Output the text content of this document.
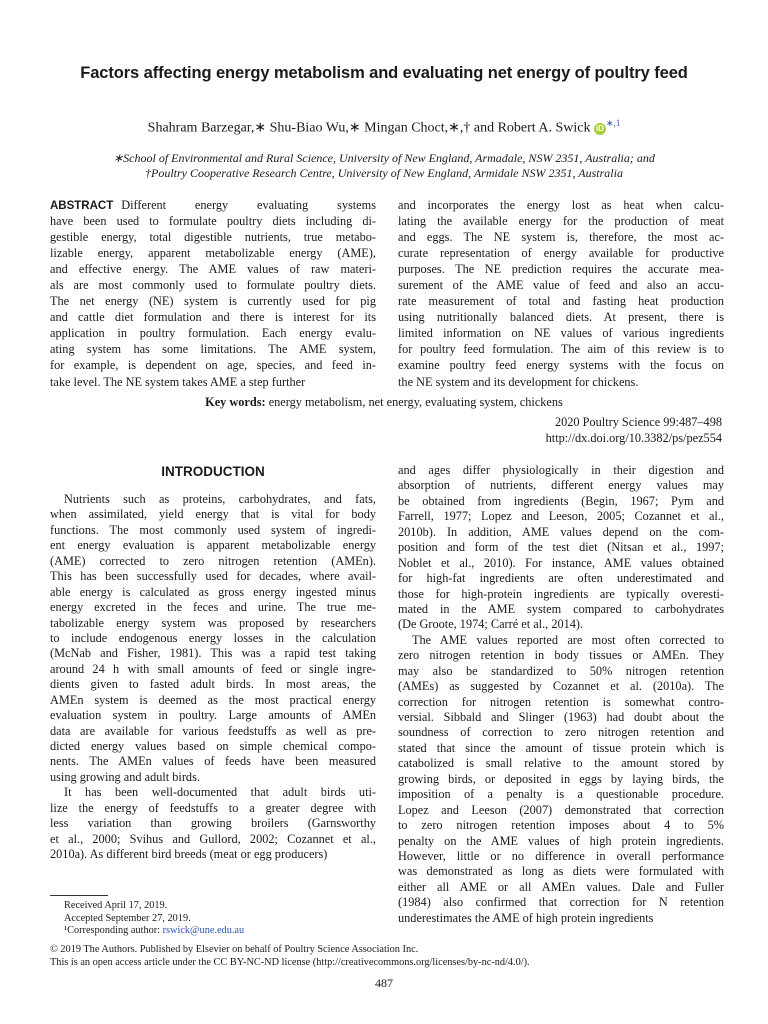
Factors affecting energy metabolism and evaluating net energy of poultry feed
Shahram Barzegar,∗ Shu-Biao Wu,∗ Mingan Choct,∗,† and Robert A. Swick $iD^{∗,1}$
∗School of Environmental and Rural Science, University of New England, Armadale, NSW 2351, Australia; and
†Poultry Cooperative Research Centre, University of New England, Armidale NSW 2351, Australia
ABSTRACT Different energy evaluating systems
have been used to formulate poultry diets including di-
gestible energy, total digestible nutrients, true metabo-
lizable energy, apparent metabolizable energy (AME),
and effective energy. The AME values of raw materi-
als are most commonly used to formulate poultry diets.
The net energy (NE) system is currently used for pig
and cattle diet formulation and there is interest for its
application in poultry formulation. Each energy evalu-
ating system has some limitations. The AME system,
for example, is dependent on age, species, and feed in-
take level. The NE system takes AME a step further
and incorporates the energy lost as heat when calcu-
lating the available energy for the production of meat
and eggs. The NE system is, therefore, the most ac-
curate representation of energy available for productive
purposes. The NE prediction requires the accurate mea-
surement of the AME value of feed and also an accu-
rate measurement of total and fasting heat production
using nutritionally balanced diets. At present, there is
limited information on NE values of various ingredients
for poultry feed formulation. The aim of this review is to
examine poultry feed energy systems with the focus on
the NE system and its development for chickens.
Key words: energy metabolism, net energy, evaluating system, chickens
2020 Poultry Science 99:487–498
http://dx.doi.org/10.3382/ps/pez554
INTRODUCTION
Nutrients such as proteins, carbohydrates, and fats,
when assimilated, yield energy that is vital for body
functions. The most commonly used system of ingredi-
ent energy evaluation is apparent metabolizable energy
(AME) corrected to zero nitrogen retention (AMEn).
This has been successfully used for decades, where avail-
able energy is calculated as gross energy ingested minus
energy excreted in the feces and urine. The true me-
tabolizable energy system was proposed by researchers
to include endogenous energy losses in the calculation
(McNab and Fisher, 1981). This was a rapid test taking
around 24 h with small amounts of feed or single ingre-
dients given to fasted adult birds. In most areas, the
AMEn system is deemed as the most practical energy
evaluation system in poultry. Large amounts of AMEn
data are available for various feedstuffs as well as pre-
dicted energy values based on simple chemical compo-
nents. The AMEn values of feeds have been measured
using growing and adult birds.
It has been well-documented that adult birds uti-
lize the energy of feedstuffs to a greater degree with
less variation than growing broilers (Garnsworthy
et al., 2000; Svihus and Gullord, 2002; Cozannet et al.,
2010a). As different bird breeds (meat or egg producers)
and ages differ physiologically in their digestion and
absorption of nutrients, different energy values may
be obtained from ingredients (Begin, 1967; Pym and
Farrell, 1977; Lopez and Leeson, 2005; Cozannet et al.,
2010b). In addition, AME values depend on the com-
position and form of the test diet (Nitsan et al., 1997;
Noblet et al., 2010). For instance, AME values obtained
for high-fat ingredients are often underestimated and
those for high-protein ingredients are typically overesti-
mated in the AME system compared to carbohydrates
(De Groote, 1974; Carré et al., 2014).
The AME values reported are most often corrected to
zero nitrogen retention in body tissues or AMEn. They
may also be standardized to 50% nitrogen retention
(AMEs) as suggested by Cozannet et al. (2010a). The
correction for nitrogen retention is somewhat contro-
versial. Sibbald and Slinger (1963) had doubt about the
soundness of correction to zero nitrogen retention and
stated that since the amount of tissue protein which is
catabolized is small relative to the amount stored by
growing birds, or deposited in eggs by laying birds, the
imposition of a penalty is a questionable procedure.
Lopez and Leeson (2007) demonstrated that correction
to zero nitrogen retention imposes about 4 to 5%
penalty on the AME values of high protein ingredients.
However, little or no difference in overall performance
was demonstrated as long as diets were formulated with
either all AME or all AMEn values. Dale and Fuller
(1984) also confirmed that correction for N retention
underestimates the AME of high protein ingredients
Received April 17, 2019.
Accepted September 27, 2019.
¹Corresponding author: rswick@une.edu.au
© 2019 The Authors. Published by Elsevier on behalf of Poultry Science Association Inc.
This is an open access article under the CC BY-NC-ND license (http://creativecommons.org/licenses/by-nc-nd/4.0/).
487
